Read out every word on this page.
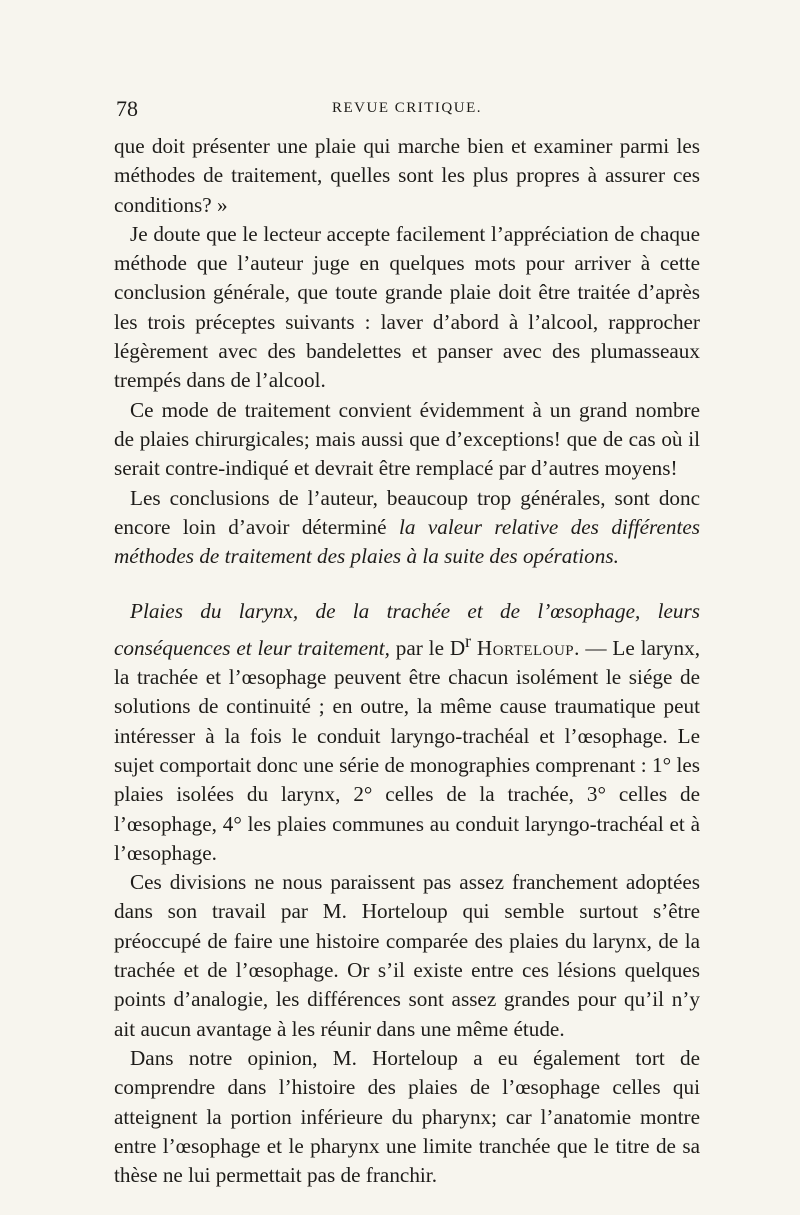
78	REVUE CRITIQUE.

que doit présenter une plaie qui marche bien et examiner parmi les méthodes de traitement, quelles sont les plus propres à assurer ces conditions? »

Je doute que le lecteur accepte facilement l’appréciation de chaque méthode que l’auteur juge en quelques mots pour arriver à cette conclusion générale, que toute grande plaie doit être traitée d’après les trois préceptes suivants : laver d’abord à l’alcool, rapprocher légèrement avec des bandelettes et panser avec des plumasseaux trempés dans de l’alcool.

Ce mode de traitement convient évidemment à un grand nombre de plaies chirurgicales; mais aussi que d’exceptions! que de cas où il serait contre-indiqué et devrait être remplacé par d’autres moyens!

Les conclusions de l’auteur, beaucoup trop générales, sont donc encore loin d’avoir déterminé la valeur relative des différentes méthodes de traitement des plaies à la suite des opérations.

Plaies du larynx, de la trachée et de l’œsophage, leurs conséquences et leur traitement, par le $D^r$ Horteloup. — Le larynx, la trachée et l’œsophage peuvent être chacun isolément le siége de solutions de continuité ; en outre, la même cause traumatique peut intéresser à la fois le conduit laryngo-trachéal et l’œsophage. Le sujet comportait donc une série de monographies comprenant : 1° les plaies isolées du larynx, 2° celles de la trachée, 3° celles de l’œsophage, 4° les plaies communes au conduit laryngo-trachéal et à l’œsophage.

Ces divisions ne nous paraissent pas assez franchement adoptées dans son travail par M. Horteloup qui semble surtout s’être préoccupé de faire une histoire comparée des plaies du larynx, de la trachée et de l’œsophage. Or s’il existe entre ces lésions quelques points d’analogie, les différences sont assez grandes pour qu’il n’y ait aucun avantage à les réunir dans une même étude.

Dans notre opinion, M. Horteloup a eu également tort de comprendre dans l’histoire des plaies de l’œsophage celles qui atteignent la portion inférieure du pharynx; car l’anatomie montre entre l’œsophage et le pharynx une limite tranchée que le titre de sa thèse ne lui permettait pas de franchir.
